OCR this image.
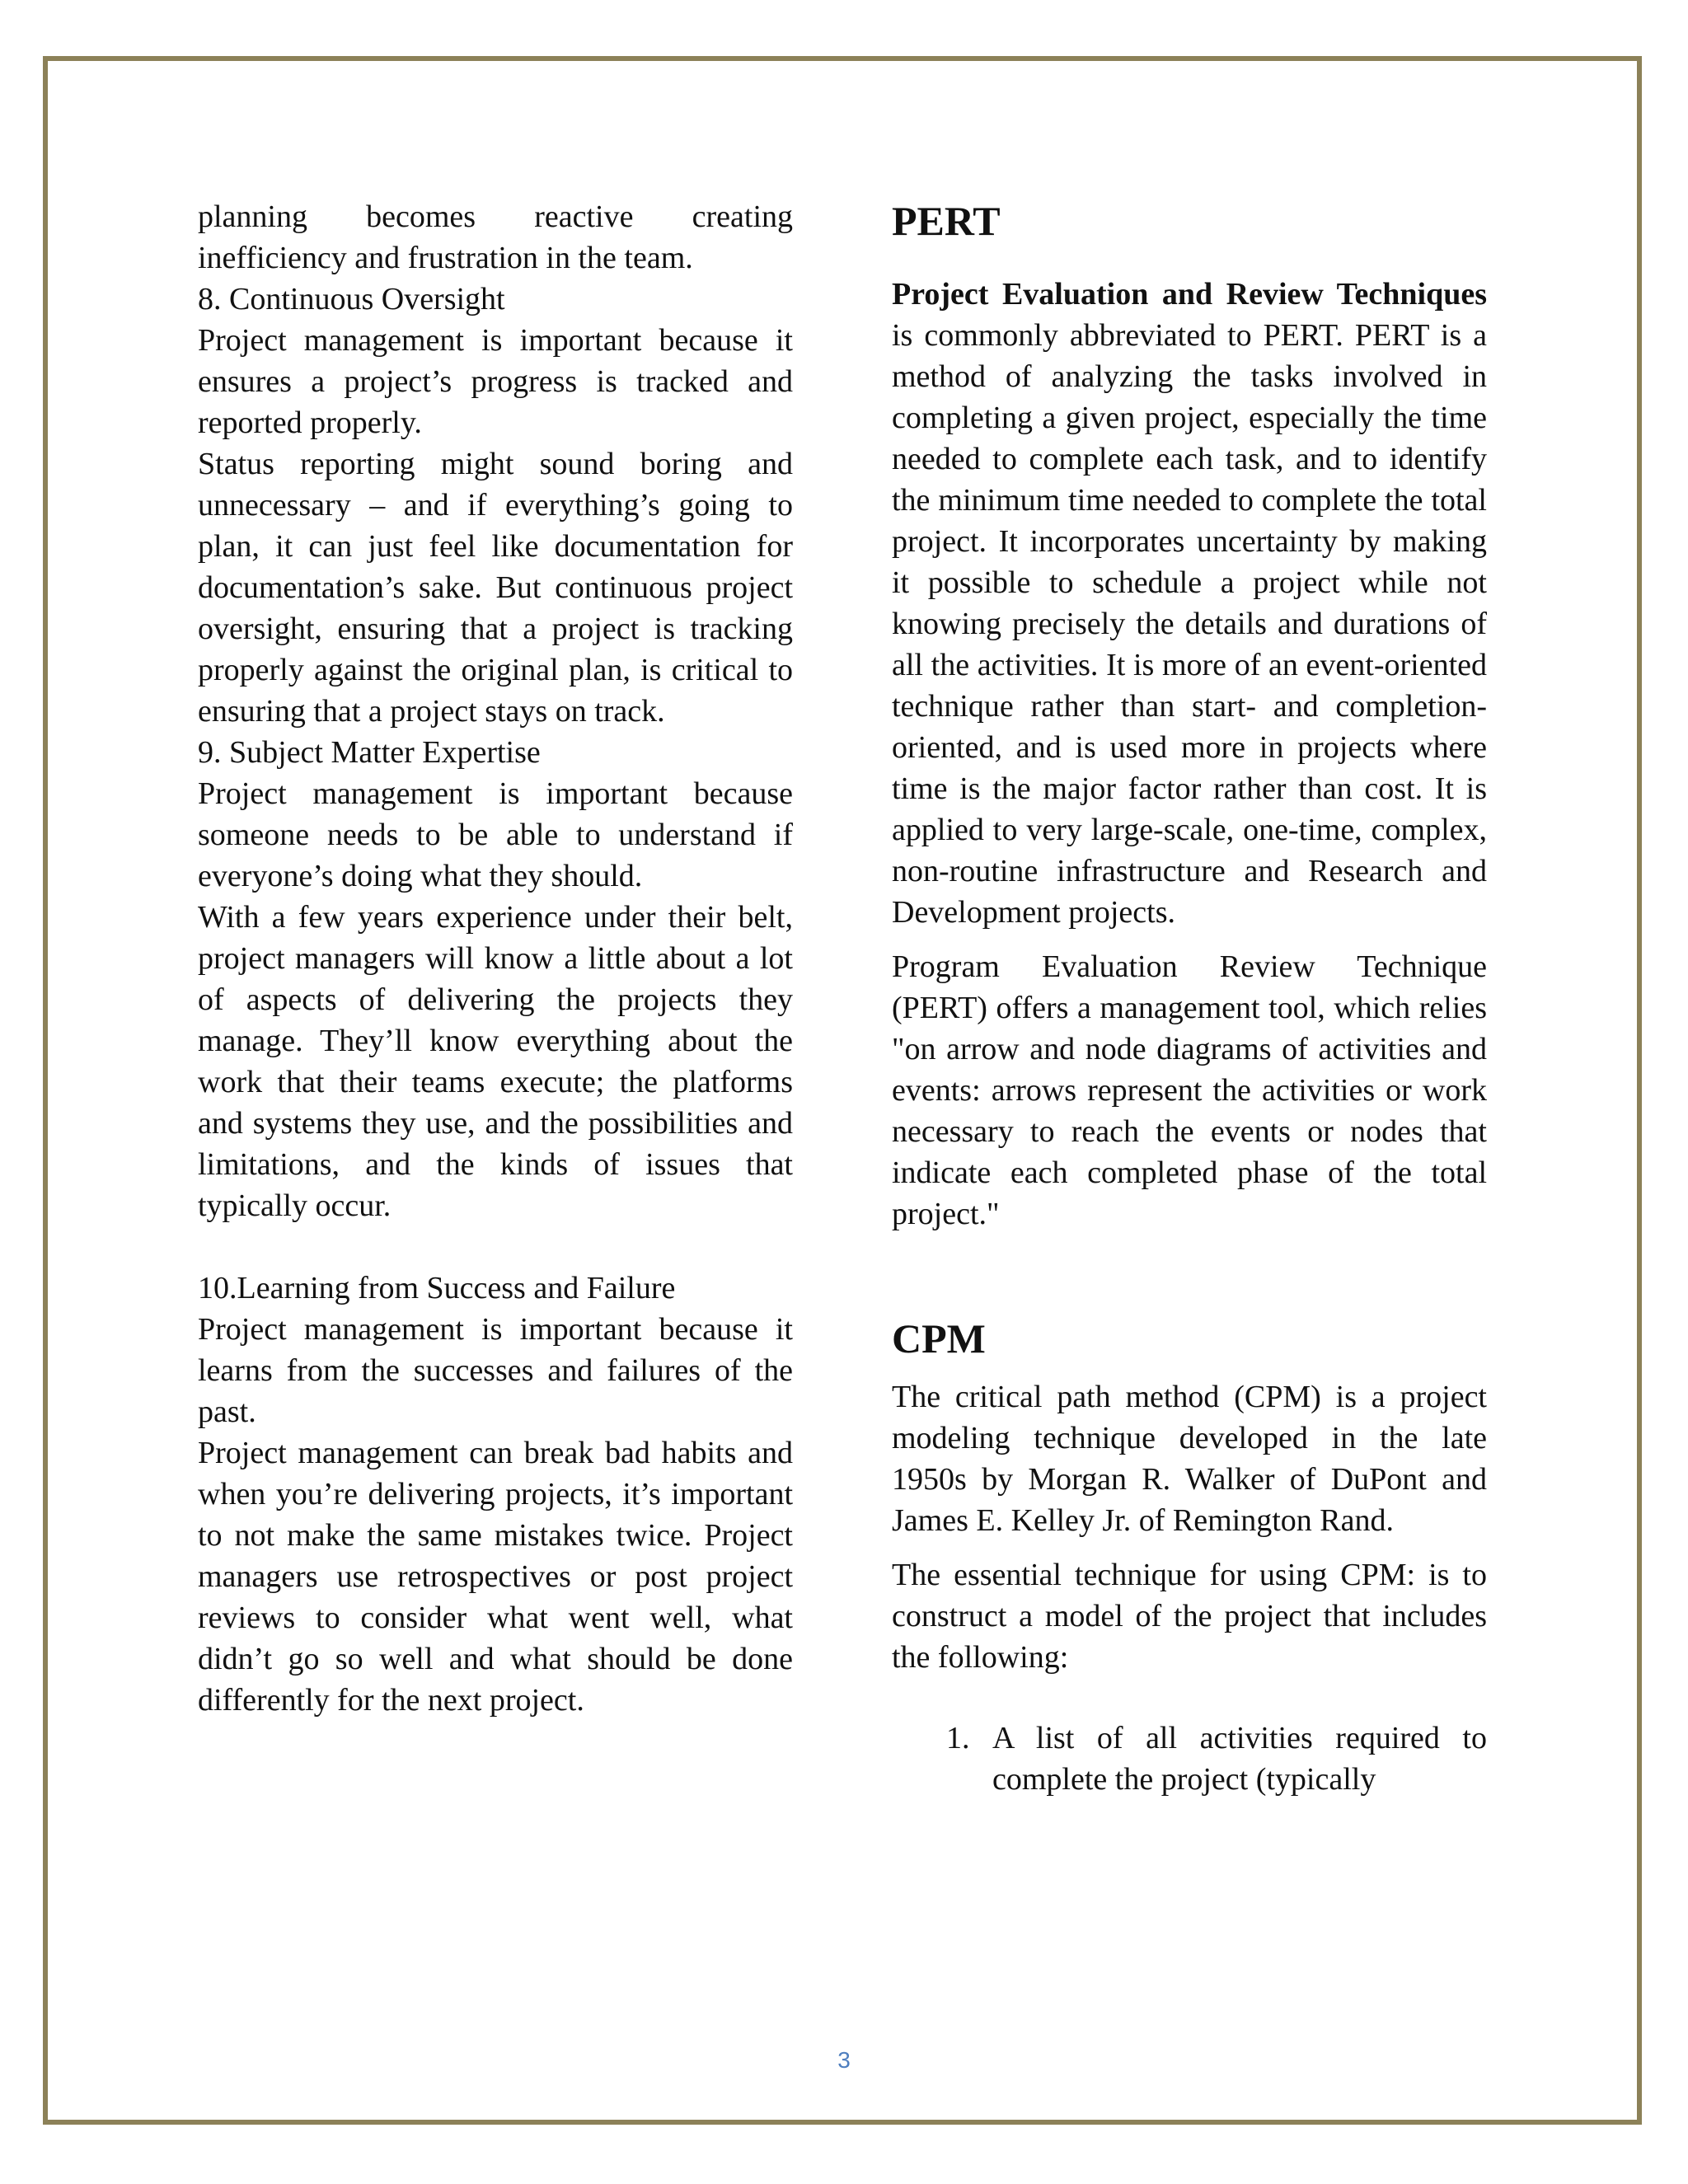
planning becomes reactive creating inefficiency and frustration in the team.

8. Continuous Oversight

Project management is important because it ensures a project’s progress is tracked and reported properly.

Status reporting might sound boring and unnecessary – and if everything’s going to plan, it can just feel like documentation for documentation’s sake. But continuous project oversight, ensuring that a project is tracking properly against the original plan, is critical to ensuring that a project stays on track.

9. Subject Matter Expertise

Project management is important because someone needs to be able to understand if everyone’s doing what they should.

With a few years experience under their belt, project managers will know a little about a lot of aspects of delivering the projects they manage. They’ll know everything about the work that their teams execute; the platforms and systems they use, and the possibilities and limitations, and the kinds of issues that typically occur.

10.Learning from Success and Failure

Project management is important because it learns from the successes and failures of the past.

Project management can break bad habits and when you’re delivering projects, it’s important to not make the same mistakes twice. Project managers use retrospectives or post project reviews to consider what went well, what didn’t go so well and what should be done differently for the next project.

PERT

Project Evaluation and Review Techniques is commonly abbreviated to PERT. PERT is a method of analyzing the tasks involved in completing a given project, especially the time needed to complete each task, and to identify the minimum time needed to complete the total project. It incorporates uncertainty by making it possible to schedule a project while not knowing precisely the details and durations of all the activities. It is more of an event-oriented technique rather than start- and completion-oriented, and is used more in projects where time is the major factor rather than cost. It is applied to very large-scale, one-time, complex, non-routine infrastructure and Research and Development projects.

Program Evaluation Review Technique (PERT) offers a management tool, which relies "on arrow and node diagrams of activities and events: arrows represent the activities or work necessary to reach the events or nodes that indicate each completed phase of the total project."

CPM

The critical path method (CPM) is a project modeling technique developed in the late 1950s by Morgan R. Walker of DuPont and James E. Kelley Jr. of Remington Rand.

The essential technique for using CPM: is to construct a model of the project that includes the following:

1. A list of all activities required to complete the project (typically
3
